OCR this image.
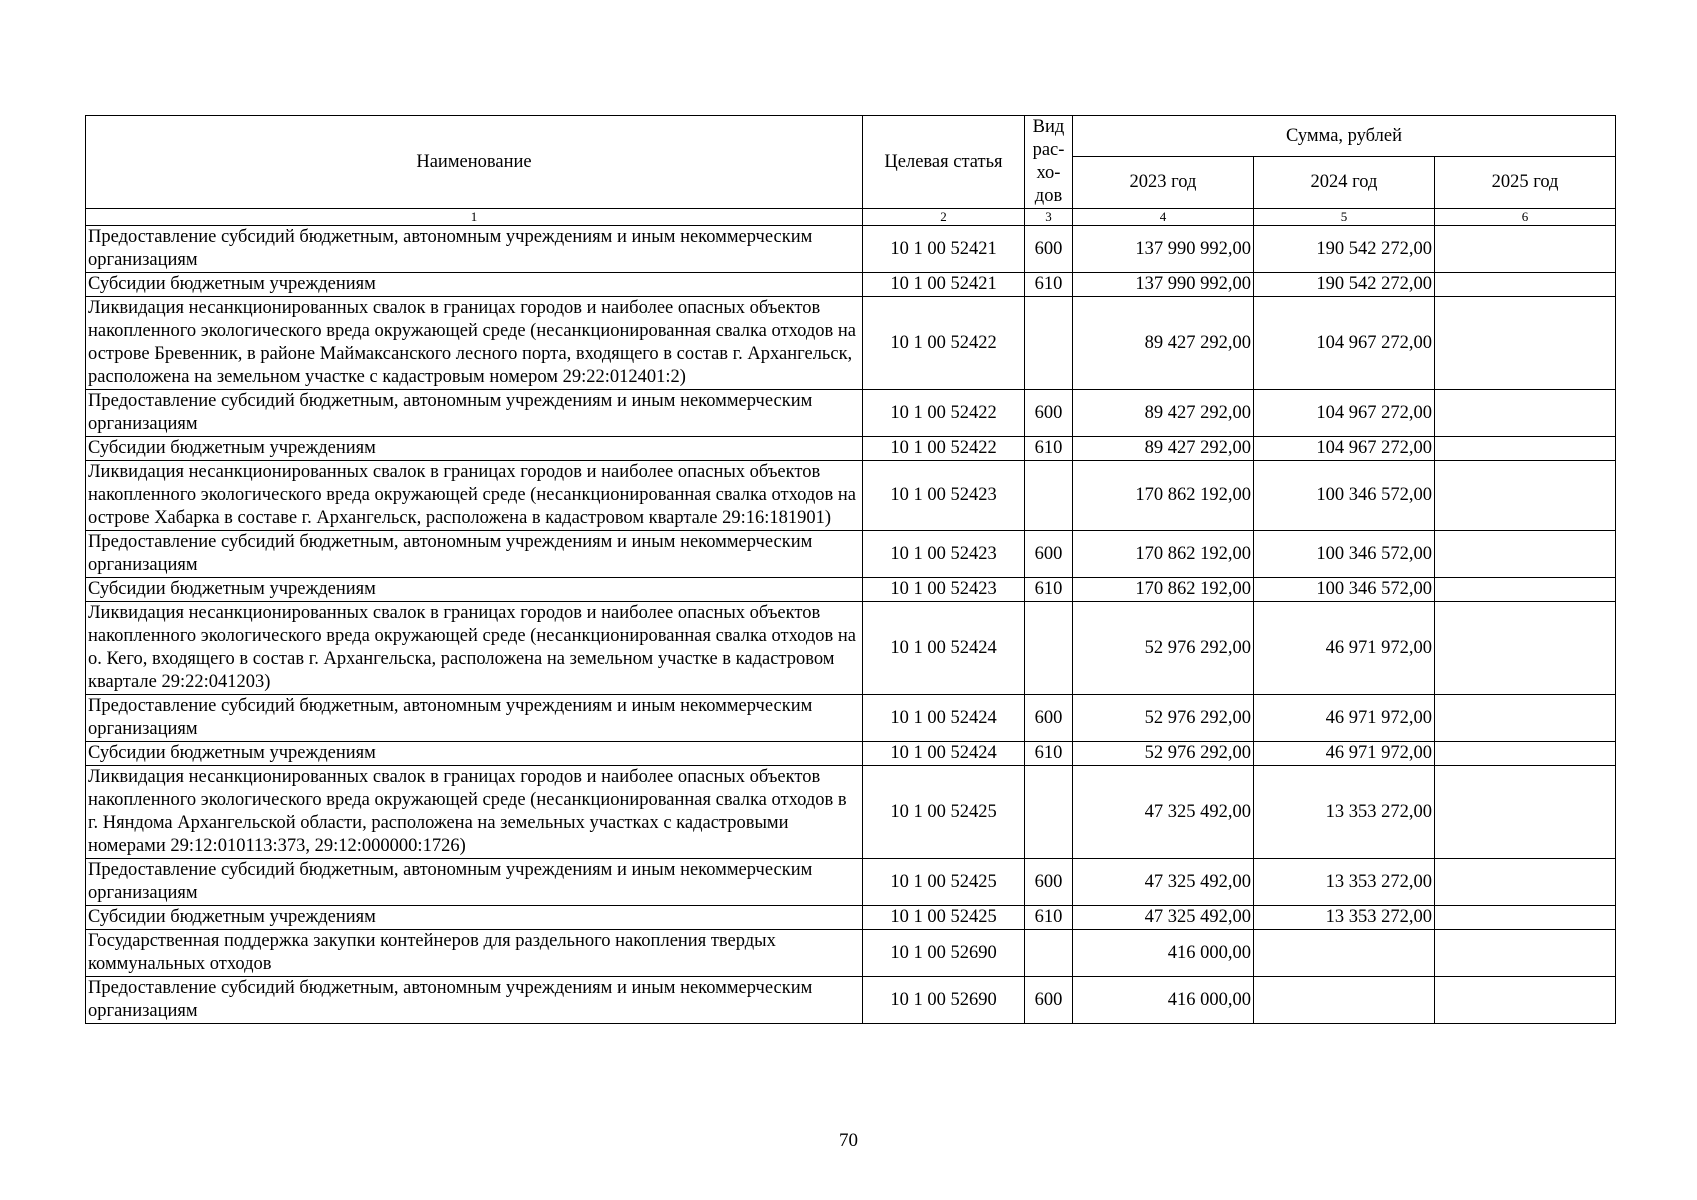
Наименование	Целевая статья	Вид рас-хо-дов	Сумма, рублей		
			2023 год	2024 год	2025 год
1	2	3	4	5	6
Предоставление субсидий бюджетным, автономным учреждениям и иным некоммерческим организациям	10 1 00 52421	600	137 990 992,00	190 542 272,00	
Субсидии бюджетным учреждениям	10 1 00 52421	610	137 990 992,00	190 542 272,00	
Ликвидация несанкционированных свалок в границах городов и наиболее опасных объектов накопленного экологического вреда окружающей среде (несанкционированная свалка отходов на острове Бревенник, в районе Маймаксанского лесного порта, входящего в состав г. Архангельск, расположена на земельном участке с кадастровым номером 29:22:012401:2)	10 1 00 52422		89 427 292,00	104 967 272,00	
Предоставление субсидий бюджетным, автономным учреждениям и иным некоммерческим организациям	10 1 00 52422	600	89 427 292,00	104 967 272,00	
Субсидии бюджетным учреждениям	10 1 00 52422	610	89 427 292,00	104 967 272,00	
Ликвидация несанкционированных свалок в границах городов и наиболее опасных объектов накопленного экологического вреда окружающей среде (несанкционированная свалка отходов на острове Хабарка в составе г. Архангельск, расположена в кадастровом квартале 29:16:181901)	10 1 00 52423		170 862 192,00	100 346 572,00	
Предоставление субсидий бюджетным, автономным учреждениям и иным некоммерческим организациям	10 1 00 52423	600	170 862 192,00	100 346 572,00	
Субсидии бюджетным учреждениям	10 1 00 52423	610	170 862 192,00	100 346 572,00	
Ликвидация несанкционированных свалок в границах городов и наиболее опасных объектов накопленного экологического вреда окружающей среде (несанкционированная свалка отходов на о. Кего, входящего в состав г. Архангельска, расположена на земельном участке в кадастровом квартале 29:22:041203)	10 1 00 52424		52 976 292,00	46 971 972,00	
Предоставление субсидий бюджетным, автономным учреждениям и иным некоммерческим организациям	10 1 00 52424	600	52 976 292,00	46 971 972,00	
Субсидии бюджетным учреждениям	10 1 00 52424	610	52 976 292,00	46 971 972,00	
Ликвидация несанкционированных свалок в границах городов и наиболее опасных объектов накопленного экологического вреда окружающей среде (несанкционированная свалка отходов в г. Няндома Архангельской области, расположена на земельных участках с кадастровыми номерами 29:12:010113:373, 29:12:000000:1726)	10 1 00 52425		47 325 492,00	13 353 272,00	
Предоставление субсидий бюджетным, автономным учреждениям и иным некоммерческим организациям	10 1 00 52425	600	47 325 492,00	13 353 272,00	
Субсидии бюджетным учреждениям	10 1 00 52425	610	47 325 492,00	13 353 272,00	
Государственная поддержка закупки контейнеров для раздельного накопления твердых коммунальных отходов	10 1 00 52690		416 000,00		
Предоставление субсидий бюджетным, автономным учреждениям и иным некоммерческим организациям	10 1 00 52690	600	416 000,00		
70
